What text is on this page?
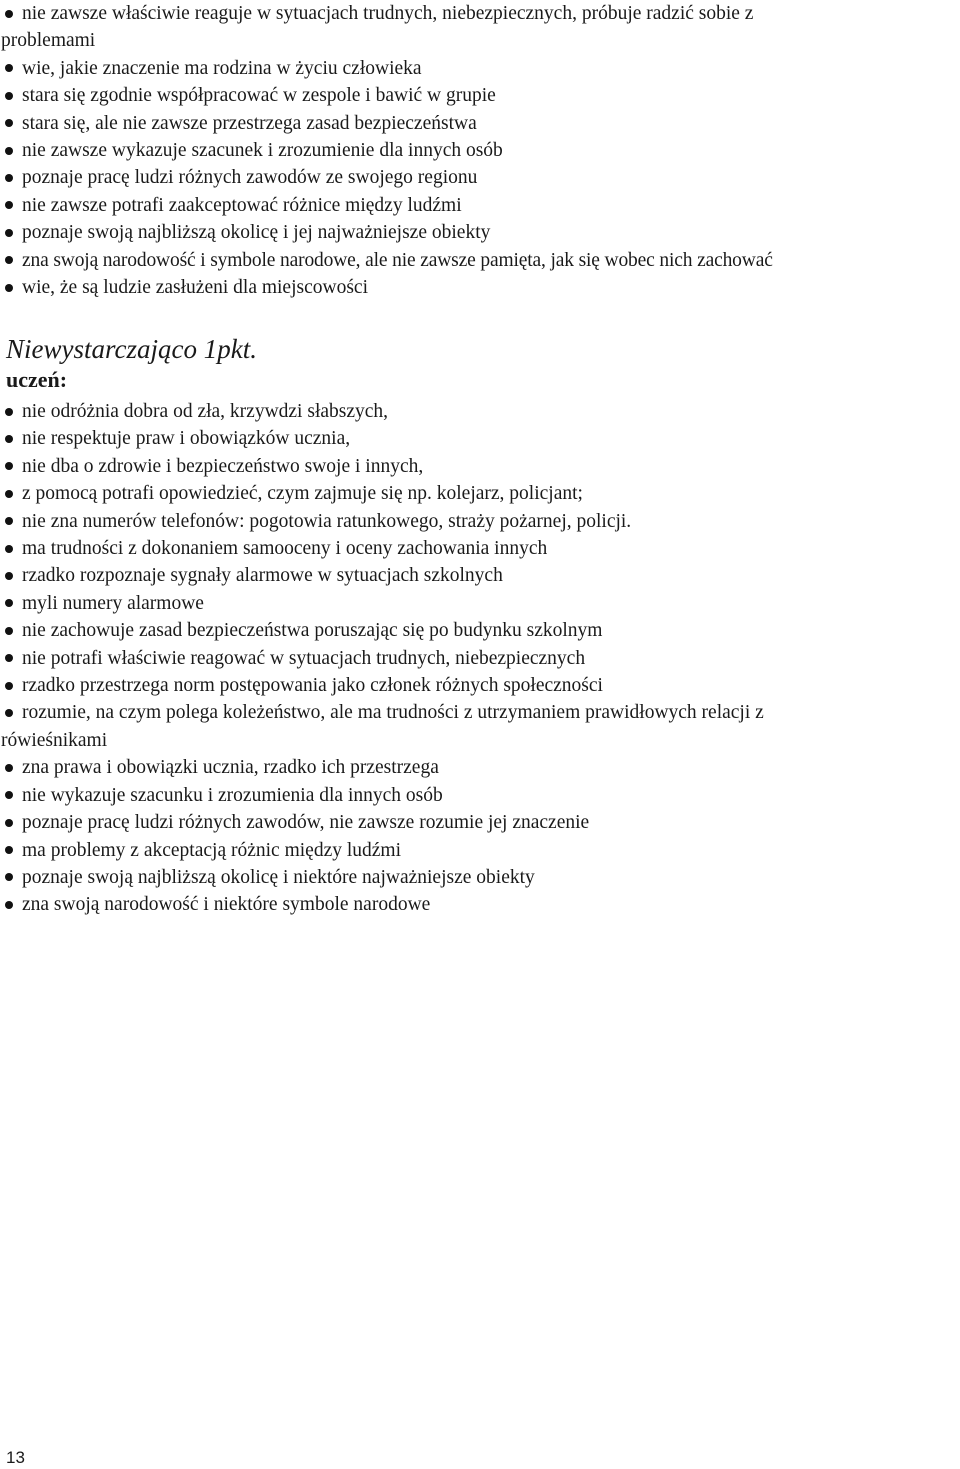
nie zawsze właściwie reaguje w sytuacjach trudnych, niebezpiecznych, próbuje radzić sobie z
problemami
wie, jakie znaczenie ma rodzina w życiu człowieka
stara się zgodnie współpracować w zespole i bawić w grupie
stara się, ale nie zawsze przestrzega zasad bezpieczeństwa
nie zawsze wykazuje szacunek i zrozumienie dla innych osób
poznaje pracę ludzi różnych zawodów ze swojego regionu
nie zawsze potrafi zaakceptować różnice między ludźmi
poznaje swoją najbliższą okolicę i jej najważniejsze obiekty
zna swoją narodowość i symbole narodowe, ale nie zawsze pamięta, jak się wobec nich zachować
wie, że są ludzie zasłużeni dla miejscowości
Niewystarczająco 1pkt.
uczeń:
nie odróżnia dobra od zła, krzywdzi słabszych,
nie respektuje praw i obowiązków ucznia,
nie dba o zdrowie i bezpieczeństwo swoje i innych,
z pomocą potrafi opowiedzieć, czym zajmuje się np. kolejarz, policjant;
nie zna numerów telefonów: pogotowia ratunkowego, straży pożarnej, policji.
ma trudności z dokonaniem samooceny i oceny zachowania innych
rzadko rozpoznaje sygnały alarmowe w sytuacjach szkolnych
myli numery alarmowe
nie zachowuje zasad bezpieczeństwa poruszając się po budynku szkolnym
nie potrafi właściwie reagować w sytuacjach trudnych, niebezpiecznych
rzadko przestrzega norm postępowania jako członek różnych społeczności
rozumie, na czym polega koleżeństwo, ale ma trudności z utrzymaniem prawidłowych relacji z
rówieśnikami
zna prawa i obowiązki ucznia, rzadko ich przestrzega
nie wykazuje szacunku i zrozumienia dla innych osób
poznaje pracę ludzi różnych zawodów, nie zawsze rozumie jej znaczenie
ma problemy z akceptacją różnic między ludźmi
poznaje swoją najbliższą okolicę i niektóre najważniejsze obiekty
zna swoją narodowość i niektóre symbole narodowe
13
